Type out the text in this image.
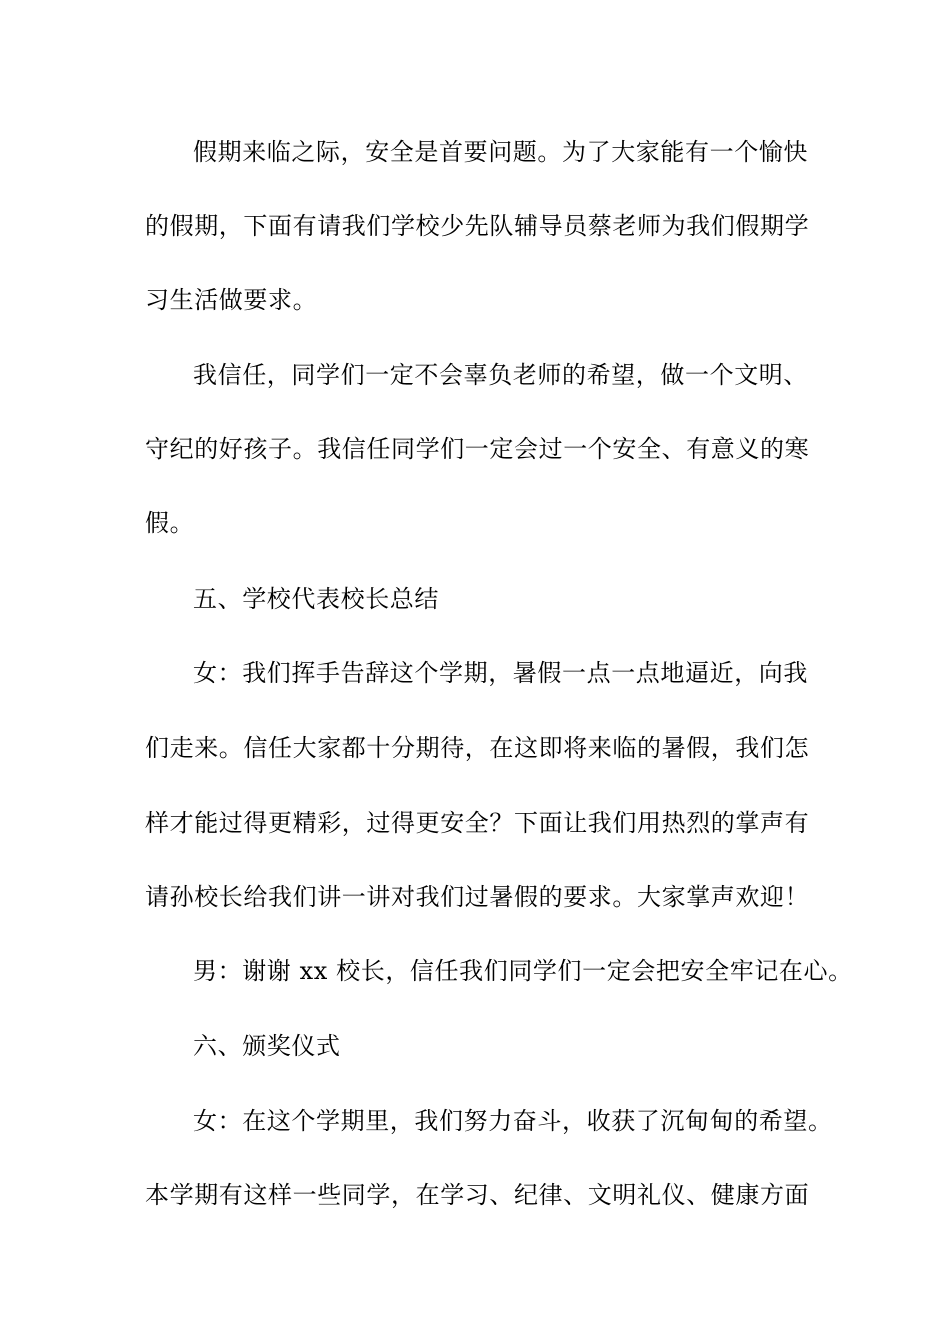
假期来临之际，安全是首要问题。为了大家能有一个愉快
的假期，下面有请我们学校少先队辅导员蔡老师为我们假期学
习生活做要求。
我信任，同学们一定不会辜负老师的希望，做一个文明、
守纪的好孩子。我信任同学们一定会过一个安全、有意义的寒
假。
五、学校代表校长总结
女：我们挥手告辞这个学期，暑假一点一点地逼近，向我
们走来。信任大家都十分期待，在这即将来临的暑假，我们怎
样才能过得更精彩，过得更安全？下面让我们用热烈的掌声有
请孙校长给我们讲一讲对我们过暑假的要求。大家掌声欢迎！
男：谢谢 xx 校长，信任我们同学们一定会把安全牢记在心。
六、颁奖仪式
女：在这个学期里，我们努力奋斗，收获了沉甸甸的希望。
本学期有这样一些同学，在学习、纪律、文明礼仪、健康方面
